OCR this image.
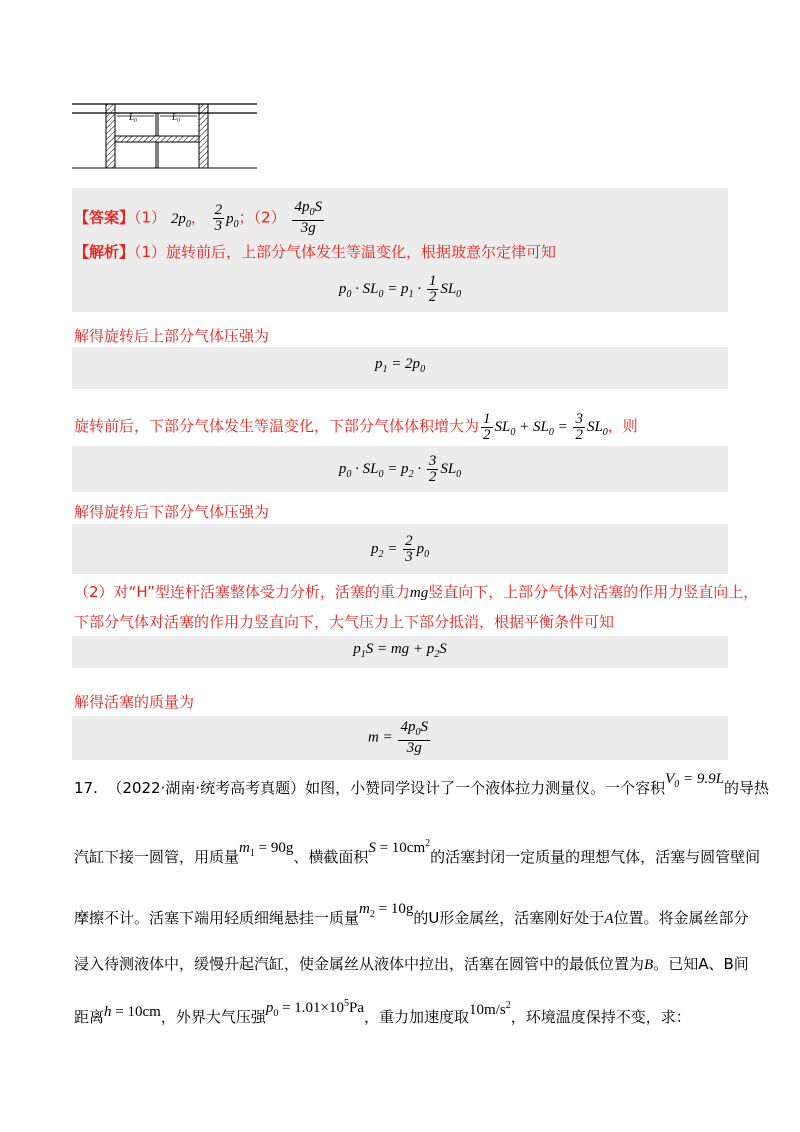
L₀	L₀
【答案】（1） $2p_0$， $\frac{2}{3} p_0$；$(2) \frac{4p_0S}{3g}$
【解析】（1）旋转前后，上部分气体发生等温变化，根据玻意尔定律可知
$p_0 \cdot SL_0 = p_1 \cdot \frac{1}{2} SL_0$
解得旋转后上部分气体压强为
$p_1 = 2p_0$
旋转前后，下部分气体发生等温变化，下部分气体体积增大为 $\frac{1}{2} SL_0 + SL_0 = \frac{3}{2} SL_0$，则
$p_0 \cdot SL_0 = p_2 \cdot \frac{3}{2} SL_0$
解得旋转后下部分气体压强为
$p_2 = \frac{2}{3} p_0$
（2）对“H”型连杆活塞整体受力分析，活塞的重力mg竖直向下，上部分气体对活塞的作用力竖直向上，
下部分气体对活塞的作用力竖直向下，大气压力上下部分抵消，根据平衡条件可知
$p_1S$ = mg + $p_2S$
解得活塞的质量为
$m = \frac{4p_0S}{3g}$
17. （2022·湖南·统考高考真题）如图，小赞同学设计了一个液体拉力测量仪。一个容积$V_0 = 9.9L$的导热
汽缸下接一圆管，用质量$m_1 = 90g$、横截面积$S = 10cm^2$的活塞封闭一定质量的理想气体，活塞与圆管壁间
摩擦不计。活塞下端用轻质细绳悬挂一质量$m_2 = 10g$的U形金属丝，活塞刚好处于A位置。将金属丝部分
浸入待测液体中，缓慢升起汽缸，使金属丝从液体中拉出，活塞在圆管中的最低位置为B。已知A、B间
距离h = 10cm，外界大气压强$p_0 = 1.01\times 10^5Pa$，重力加速度取$10m/s^2$，环境温度保持不变，求：
